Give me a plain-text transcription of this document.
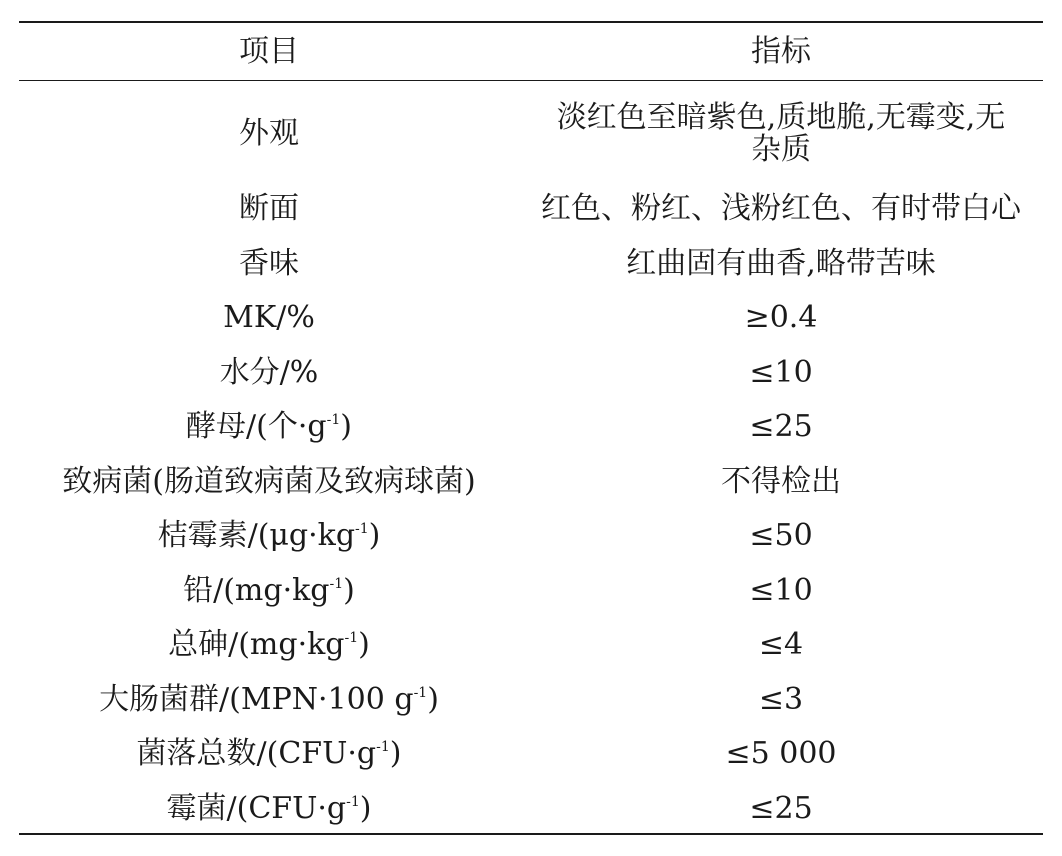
项目	指标
外观	淡红色至暗紫色,质地脆,无霉变,无杂质
断面	红色、粉红、浅粉红色、有时带白心
香味	红曲固有曲香,略带苦味
MK/%	≥0.4
水分/%	≤10
酵母/(个$\cdot g^{-1}$)	≤25
致病菌(肠道致病菌及致病球菌)	不得检出
桔霉素$/(\mu g\cdot kg^{-1})$	≤50
铅$/(mg\cdot kg^{-1})$	≤10
总砷$/(mg\cdot kg^{-1})$	≤4
大肠菌群/(MPN·100 $g^{-1}$)	≤3
菌落总数$/(CFU\cdot g^{-1})$	≤5 000
霉菌$/(CFU\cdot g^{-1})$	≤25
